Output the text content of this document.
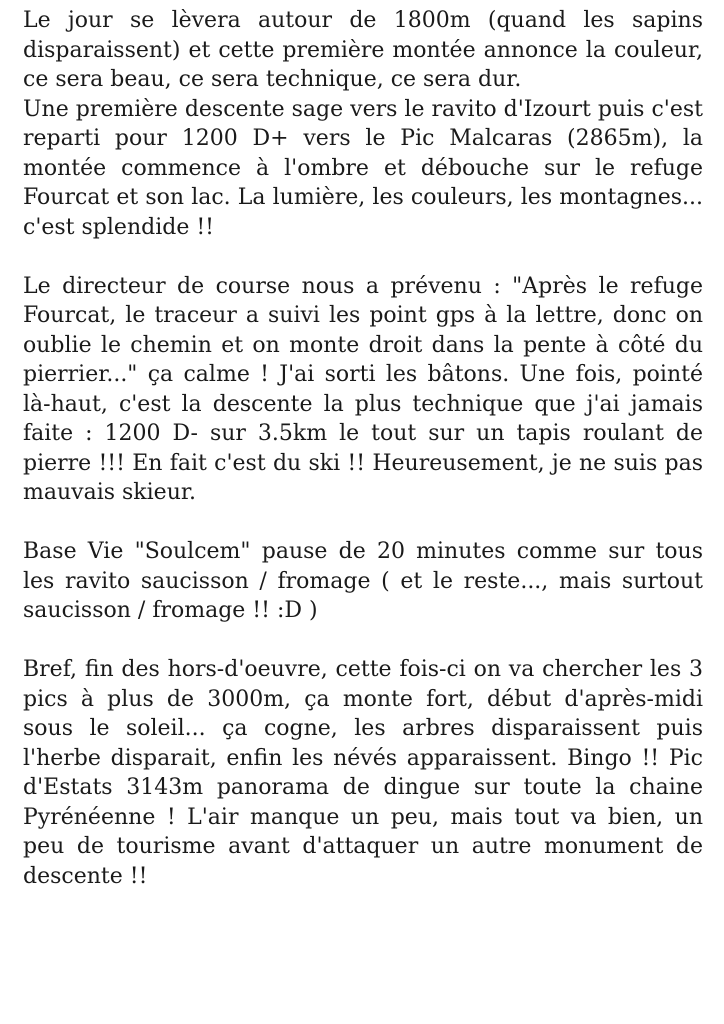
Le jour se lèvera autour de 1800m (quand les sapins disparaissent) et cette première montée annonce la couleur, ce sera beau, ce sera technique, ce sera dur.

Une première descente sage vers le ravito d'Izourt puis c'est reparti pour 1200 D+ vers le Pic Malcaras (2865m), la montée commence à l'ombre et débouche sur le refuge Fourcat et son lac. La lumière, les couleurs, les montagnes... c'est splendide !!

Le directeur de course nous a prévenu : "Après le refuge Fourcat, le traceur a suivi les point gps à la lettre, donc on oublie le chemin et on monte droit dans la pente à côté du pierrier..." ça calme ! J'ai sorti les bâtons. Une fois, pointé là-haut, c'est la descente la plus technique que j'ai jamais faite : 1200 D- sur 3.5km le tout sur un tapis roulant de pierre !!! En fait c'est du ski !! Heureusement, je ne suis pas mauvais skieur.

Base Vie "Soulcem" pause de 20 minutes comme sur tous les ravito saucisson / fromage ( et le reste..., mais surtout saucisson / fromage !! :D )

Bref, fin des hors-d'oeuvre, cette fois-ci on va chercher les 3 pics à plus de 3000m, ça monte fort, début d'après-midi sous le soleil... ça cogne, les arbres disparaissent puis l'herbe disparait, enfin les névés apparaissent. Bingo !! Pic d'Estats 3143m panorama de dingue sur toute la chaine Pyrénéenne ! L'air manque un peu, mais tout va bien, un peu de tourisme avant d'attaquer un autre monument de descente !!
